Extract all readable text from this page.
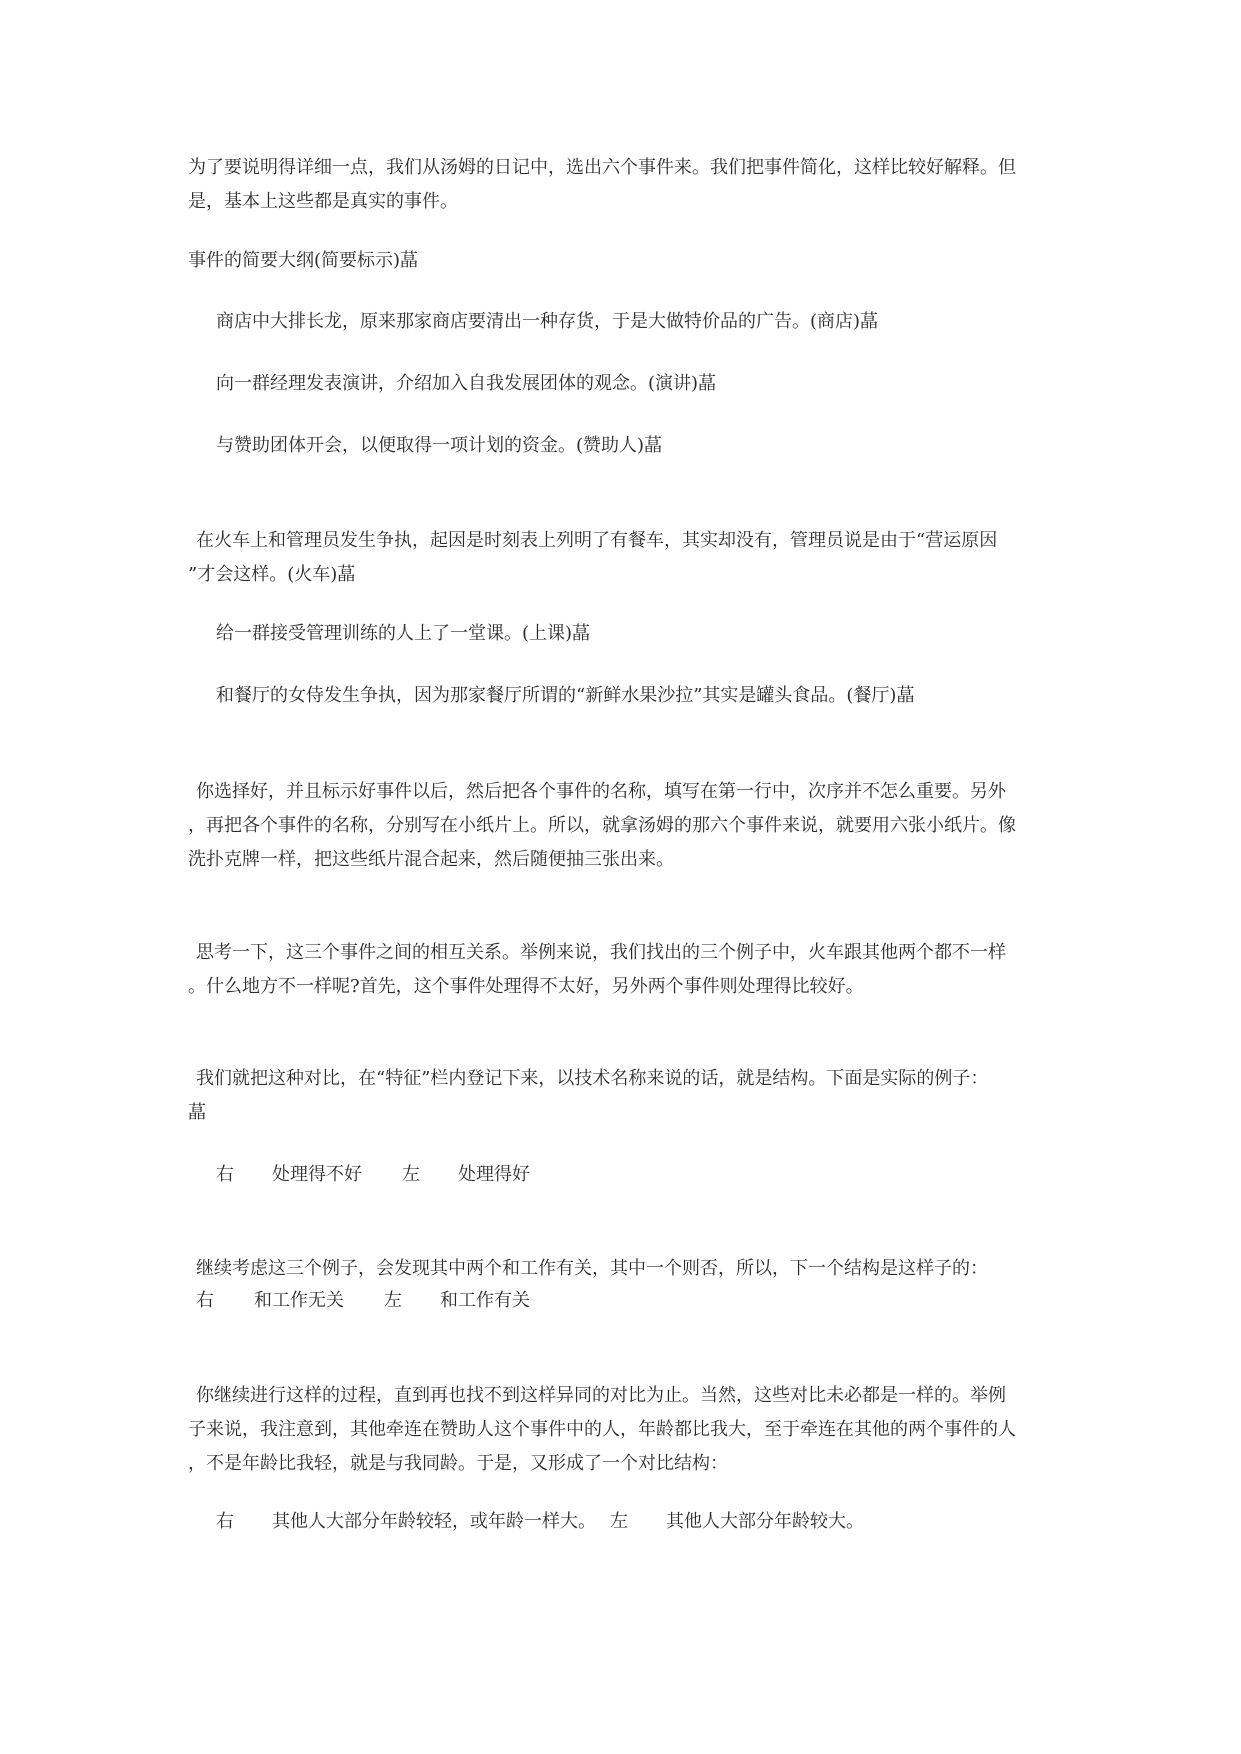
为了要说明得详细一点，我们从汤姆的日记中，选出六个事件来。我们把事件简化，这样比较好解释。但
是，基本上这些都是真实的事件。
事件的简要大纲(简要标示)蕌
商店中大排长龙，原来那家商店要清出一种存货，于是大做特价品的广告。(商店)蕌
向一群经理发表演讲，介绍加入自我发展团体的观念。(演讲)蕌
与赞助团体开会，以便取得一项计划的资金。(赞助人)蕌
在火车上和管理员发生争执，起因是时刻表上列明了有餐车，其实却没有，管理员说是由于“营运原因
”才会这样。(火车)蕌
给一群接受管理训练的人上了一堂课。(上课)蕌
和餐厅的女侍发生争执，因为那家餐厅所谓的“新鲜水果沙拉”其实是罐头食品。(餐厅)蕌
你选择好，并且标示好事件以后，然后把各个事件的名称，填写在第一行中，次序并不怎么重要。另外
，再把各个事件的名称，分别写在小纸片上。所以，就拿汤姆的那六个事件来说，就要用六张小纸片。像
洗扑克牌一样，把这些纸片混合起来，然后随便抽三张出来。
思考一下，这三个事件之间的相互关系。举例来说，我们找出的三个例子中，火车跟其他两个都不一样
。什么地方不一样呢?首先，这个事件处理得不太好，另外两个事件则处理得比较好。
我们就把这种对比，在“特征”栏内登记下来，以技术名称来说的话，就是结构。下面是实际的例子：
蕌
右 处理得不好 左 处理得好
继续考虑这三个例子，会发现其中两个和工作有关，其中一个则否，所以，下一个结构是这样子的：
右 和工作无关 左 和工作有关
你继续进行这样的过程，直到再也找不到这样异同的对比为止。当然，这些对比未必都是一样的。举例
子来说，我注意到，其他牵连在赞助人这个事件中的人，年龄都比我大，至于牵连在其他的两个事件的人
，不是年龄比我轻，就是与我同龄。于是，又形成了一个对比结构：
右 其他人大部分年龄较轻，或年龄一样大。 左 其他人大部分年龄较大。
